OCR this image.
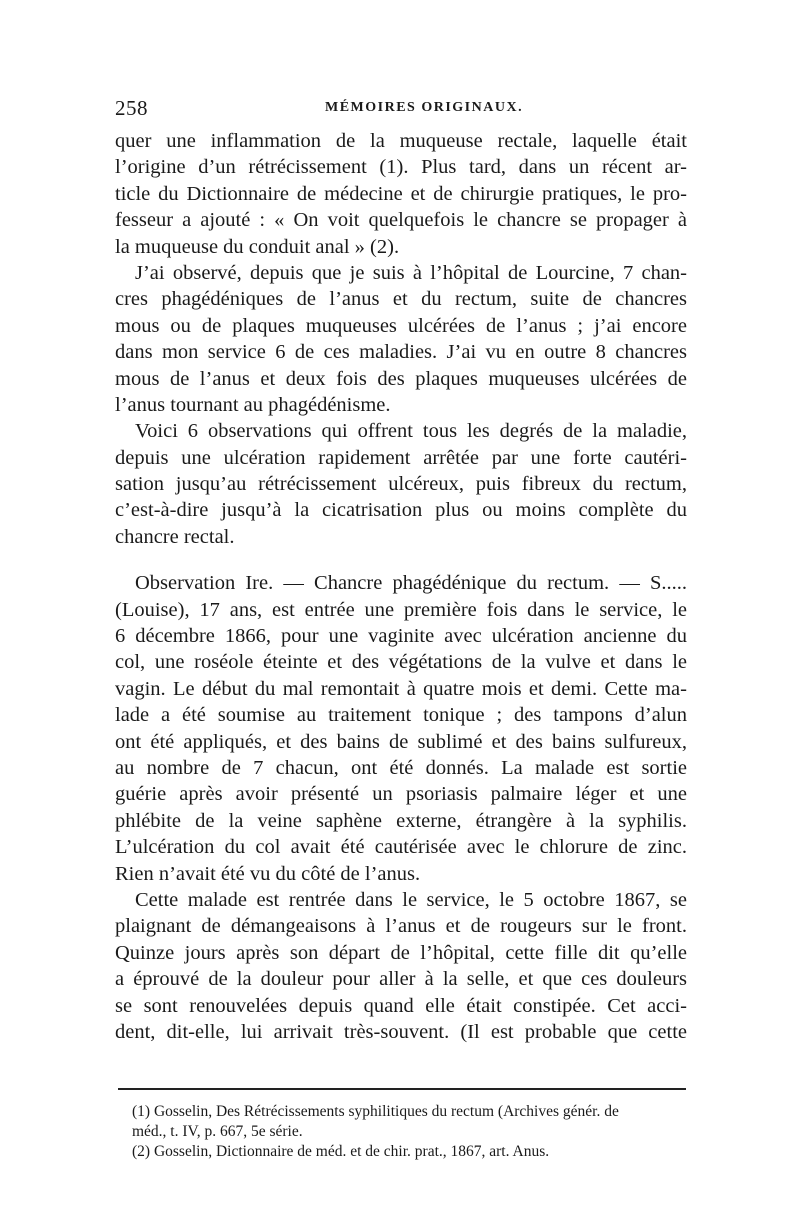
258	MÉMOIRES ORIGINAUX.
quer une inflammation de la muqueuse rectale, laquelle était
l’origine d’un rétrécissement (1). Plus tard, dans un récent ar-
ticle du Dictionnaire de médecine et de chirurgie pratiques, le pro-
fesseur a ajouté : « On voit quelquefois le chancre se propager à
la muqueuse du conduit anal » (2).
J’ai observé, depuis que je suis à l’hôpital de Lourcine, 7 chan-
cres phagédéniques de l’anus et du rectum, suite de chancres
mous ou de plaques muqueuses ulcérées de l’anus ; j’ai encore
dans mon service 6 de ces maladies. J’ai vu en outre 8 chancres
mous de l’anus et deux fois des plaques muqueuses ulcérées de
l’anus tournant au phagédénisme.
Voici 6 observations qui offrent tous les degrés de la maladie,
depuis une ulcération rapidement arrêtée par une forte cautéri-
sation jusqu’au rétrécissement ulcéreux, puis fibreux du rectum,
c’est-à-dire jusqu’à la cicatrisation plus ou moins complète du
chancre rectal.
Observation Ire. — Chancre phagédénique du rectum. — S.....
(Louise), 17 ans, est entrée une première fois dans le service, le
6 décembre 1866, pour une vaginite avec ulcération ancienne du
col, une roséole éteinte et des végétations de la vulve et dans le
vagin. Le début du mal remontait à quatre mois et demi. Cette ma-
lade a été soumise au traitement tonique ; des tampons d’alun
ont été appliqués, et des bains de sublimé et des bains sulfureux,
au nombre de 7 chacun, ont été donnés. La malade est sortie
guérie après avoir présenté un psoriasis palmaire léger et une
phlébite de la veine saphène externe, étrangère à la syphilis.
L’ulcération du col avait été cautérisée avec le chlorure de zinc.
Rien n’avait été vu du côté de l’anus.
Cette malade est rentrée dans le service, le 5 octobre 1867, se
plaignant de démangeaisons à l’anus et de rougeurs sur le front.
Quinze jours après son départ de l’hôpital, cette fille dit qu’elle
a éprouvé de la douleur pour aller à la selle, et que ces douleurs
se sont renouvelées depuis quand elle était constipée. Cet acci-
dent, dit-elle, lui arrivait très-souvent. (Il est probable que cette
(1) Gosselin, Des Rétrécissements syphilitiques du rectum (Archives génér. de
méd., t. IV, p. 667, 5e série.
(2) Gosselin, Dictionnaire de méd. et de chir. prat., 1867, art. Anus.
